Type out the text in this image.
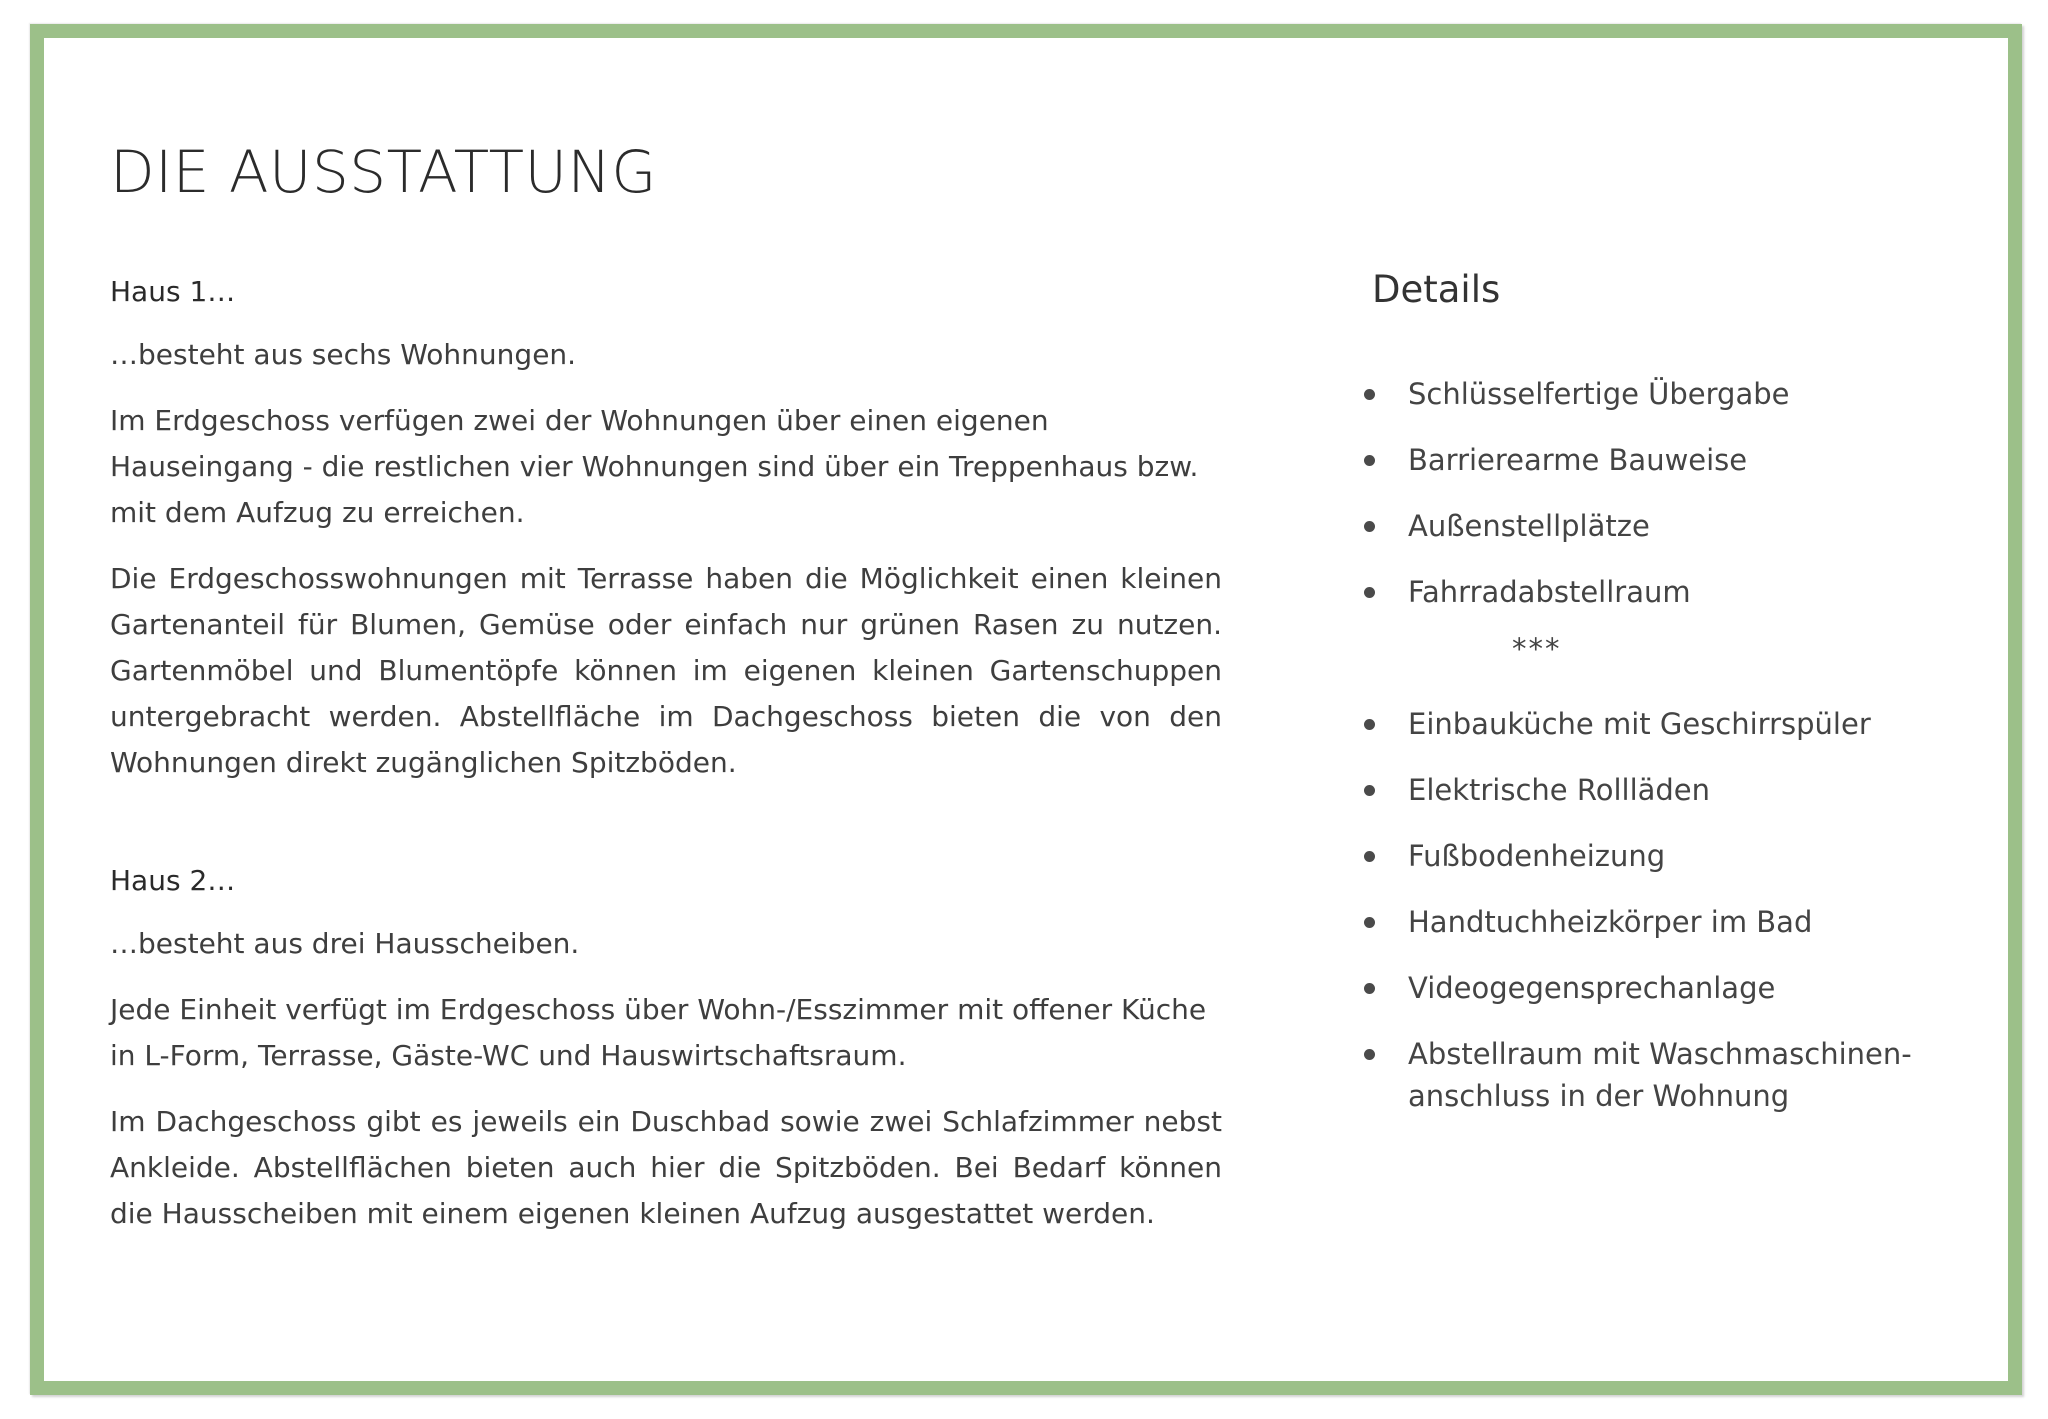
DIE AUSSTATTUNG

Haus 1…

…besteht aus sechs Wohnungen.

Im Erdgeschoss verfügen zwei der Wohnungen über einen eigenen Hauseingang - die restlichen vier Wohnungen sind über ein Treppenhaus bzw. mit dem Aufzug zu erreichen.

Die Erdgeschosswohnungen mit Terrasse haben die Möglichkeit einen kleinen Gartenanteil für Blumen, Gemüse oder einfach nur grünen Rasen zu nutzen. Gartenmöbel und Blumentöpfe können im eigenen kleinen Gartenschuppen untergebracht werden. Abstellfläche im Dachgeschoss bieten die von den Wohnungen direkt zugänglichen Spitzböden.

Haus 2…

…besteht aus drei Hausscheiben.

Jede Einheit verfügt im Erdgeschoss über Wohn-/Esszimmer mit offener Küche in L-Form, Terrasse, Gäste-WC und Hauswirtschaftsraum.

Im Dachgeschoss gibt es jeweils ein Duschbad sowie zwei Schlafzimmer nebst Ankleide. Abstellflächen bieten auch hier die Spitzböden. Bei Bedarf können die Hausscheiben mit einem eigenen kleinen Aufzug ausgestattet werden.

Details
Schlüsselfertige Übergabe
Barrierearme Bauweise
Außenstellplätze
Fahrradabstellraum
***
Einbauküche mit Geschirrspüler
Elektrische Rollläden
Fußbodenheizung
Handtuchheizkörper im Bad
Videogegensprechanlage
Abstellraum mit Waschmaschinen-anschluss in der Wohnung
